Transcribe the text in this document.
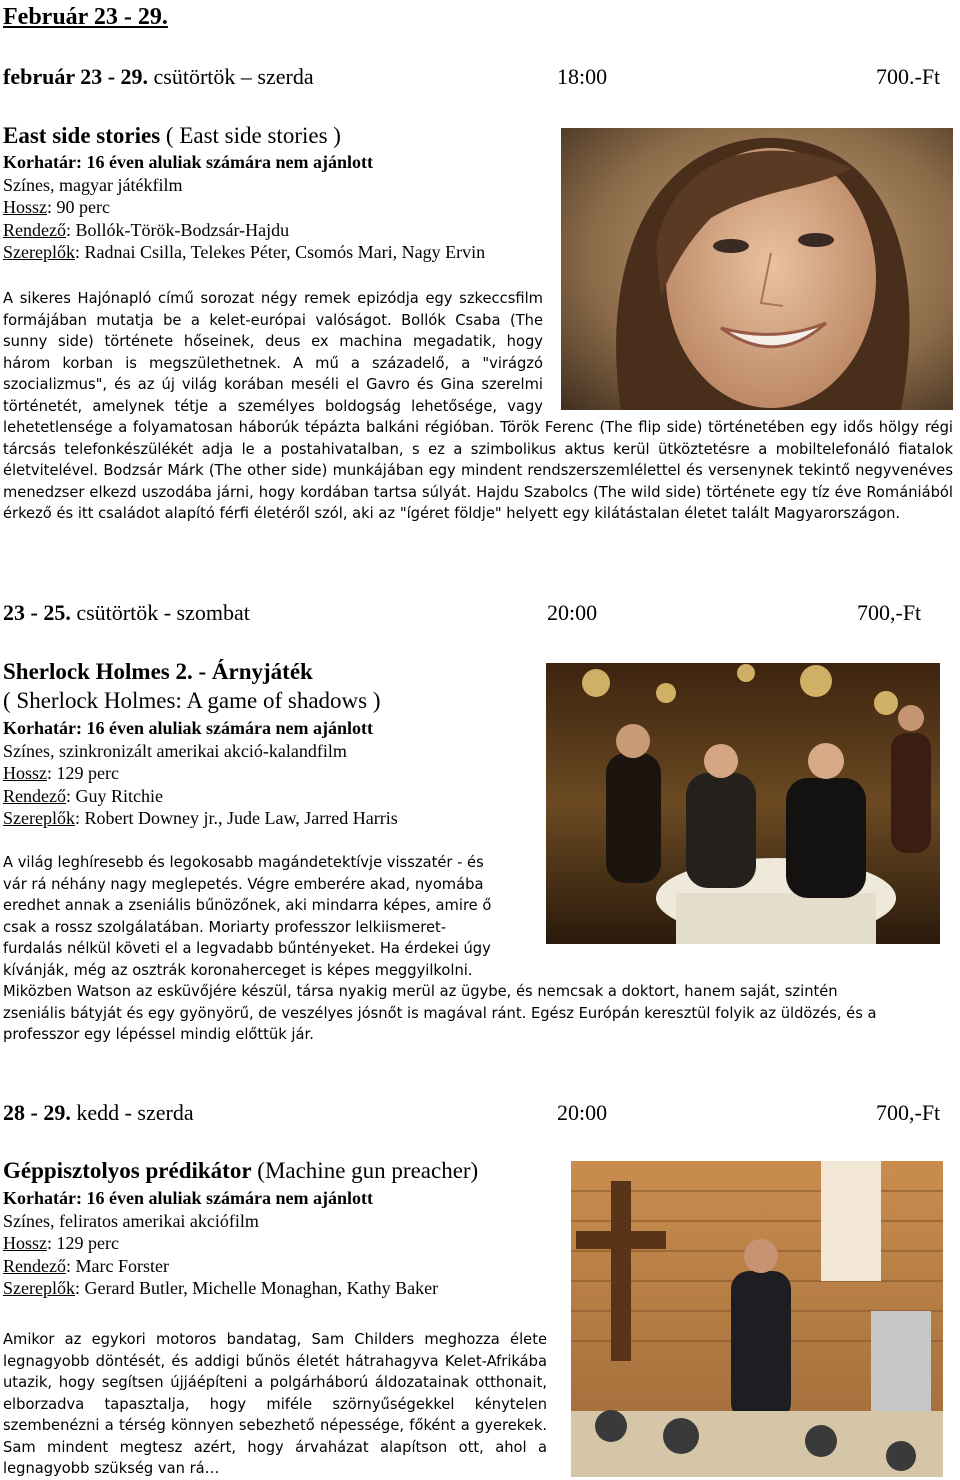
Február 23 - 29.
február 23 - 29. csütörtök – szerda	18:00	700.-Ft
East side stories ( East side stories )
Korhatár: 16 éven aluliak számára nem ajánlott
Színes, magyar játékfilm
Hossz: 90 perc
Rendező: Bollók-Török-Bodzsár-Hajdu
Szereplők: Radnai Csilla, Telekes Péter, Csomós Mari, Nagy Ervin

A sikeres Hajónapló című sorozat négy remek epizódja egy szkeccsfilm formájában mutatja be a kelet-európai valóságot. Bollók Csaba (The sunny side) története hőseinek, deus ex machina megadatik, hogy három korban is megszülethetnek. A mű a századelő, a "virágzó szocializmus", és az új világ korában meséli el Gavro és Gina szerelmi történetét, amelynek tétje a személyes boldogság lehetősége, vagy lehetetlensége a folyamatosan háborúk tépázta balkáni régióban. Török Ferenc (The flip side) történetében egy idős hölgy régi tárcsás telefonkészülékét adja le a postahivatalban, s ez a szimbolikus aktus kerül ütköztetésre a mobiltelefonáló fiatalok életvitelével. Bodzsár Márk (The other side) munkájában egy mindent rendszerszemlélettel és versenynek tekintő negyvenéves menedzser elkezd uszodába járni, hogy kordában tartsa súlyát. Hajdu Szabolcs (The wild side) története egy tíz éve Romániából érkező és itt családot alapító férfi életéről szól, aki az "ígéret földje" helyett egy kilátástalan életet talált Magyarországon.

23 - 25. csütörtök - szombat	20:00	700,-Ft
Sherlock Holmes 2. - Árnyjáték
( Sherlock Holmes: A game of shadows )
Korhatár: 16 éven aluliak számára nem ajánlott
Színes, szinkronizált amerikai akció-kalandfilm
Hossz: 129 perc
Rendező: Guy Ritchie
Szereplők: Robert Downey jr., Jude Law, Jarred Harris
A világ leghíresebb és legokosabb magándetektívje visszatér - és
vár rá néhány nagy meglepetés. Végre emberére akad, nyomába
eredhet annak a zseniális bűnözőnek, aki mindarra képes, amire ő
csak a rossz szolgálatában. Moriarty professzor lelkiismeret-
furdalás nélkül követi el a legvadabb bűntényeket. Ha érdekei úgy
kívánják, még az osztrák koronaherceget is képes meggyilkolni.
Miközben Watson az esküvőjére készül, társa nyakig merül az ügybe, és nemcsak a doktort, hanem saját, szintén
zseniális bátyját és egy gyönyörű, de veszélyes jósnőt is magával ránt. Egész Európán keresztül folyik az üldözés, és a
professzor egy lépéssel mindig előttük jár.
28 - 29. kedd - szerda	20:00	700,-Ft
Géppisztolyos prédikátor (Machine gun preacher)
Korhatár: 16 éven aluliak számára nem ajánlott
Színes, feliratos amerikai akciófilm
Hossz: 129 perc
Rendező: Marc Forster
Szereplők: Gerard Butler, Michelle Monaghan, Kathy Baker

Amikor az egykori motoros bandatag, Sam Childers meghozza élete legnagyobb döntését, és addigi bűnös életét hátrahagyva Kelet-Afrikába utazik, hogy segítsen újjáépíteni a polgárháború áldozatainak otthonait, elborzadva tapasztalja, hogy miféle szörnyűségekkel kénytelen szembenézni a térség könnyen sebezhető népessége, főként a gyerekek. Sam mindent megtesz azért, hogy árvaházat alapítson ott, ahol a legnagyobb szükség van rá…
